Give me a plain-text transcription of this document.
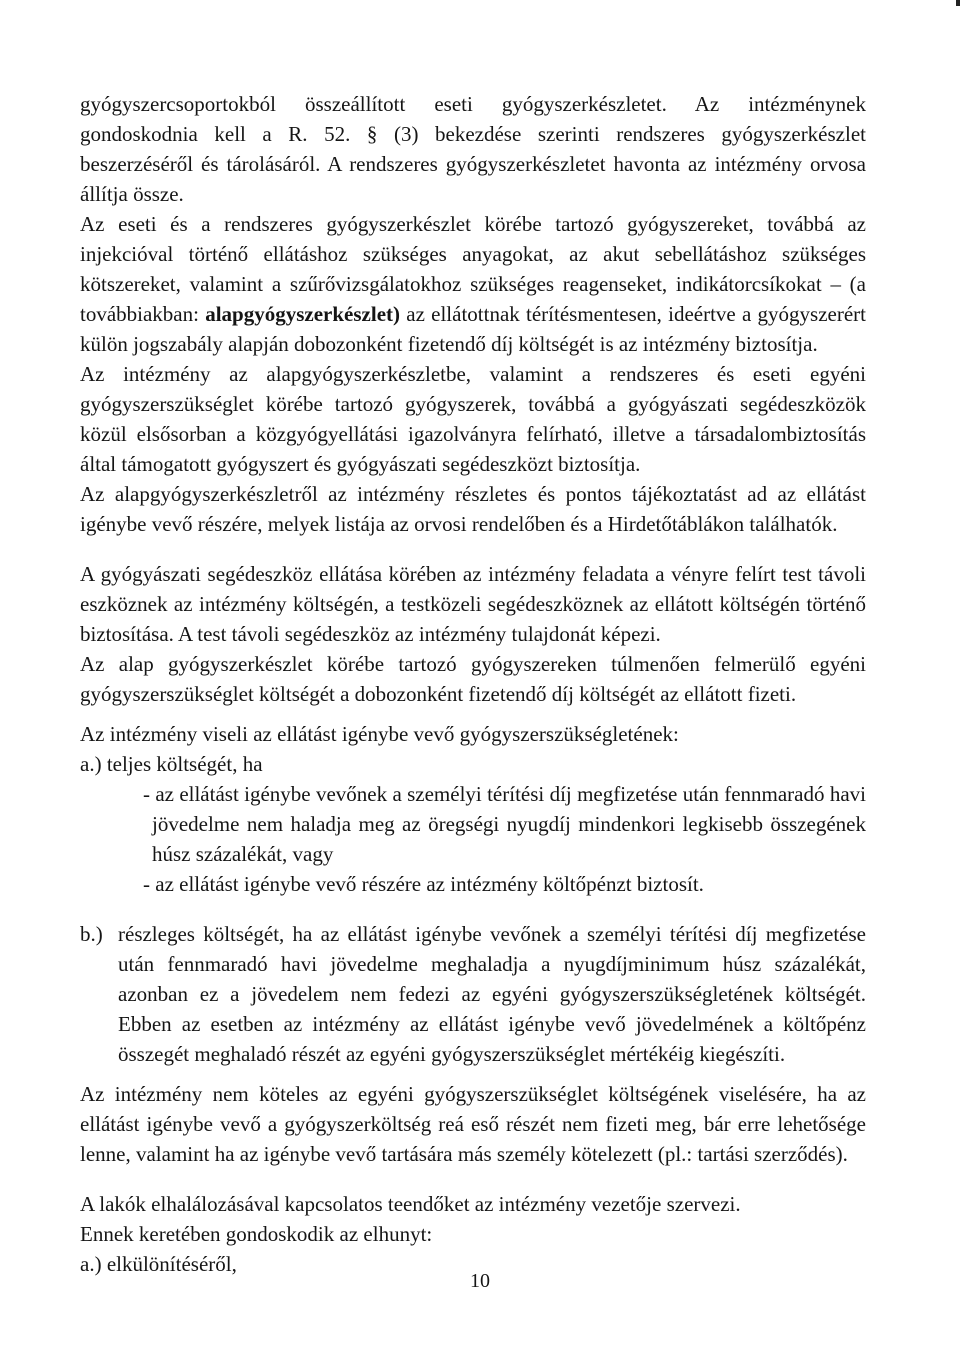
gyógyszercsoportokból összeállított eseti gyógyszerkészletet. Az intézménynek gondoskodnia kell a R. 52. § (3) bekezdése szerinti rendszeres gyógyszerkészlet beszerzéséről és tárolásáról. A rendszeres gyógyszerkészletet havonta az intézmény orvosa állítja össze.

Az eseti és a rendszeres gyógyszerkészlet körébe tartozó gyógyszereket, továbbá az injekcióval történő ellátáshoz szükséges anyagokat, az akut sebellátáshoz szükséges kötszereket, valamint a szűrővizsgálatokhoz szükséges reagenseket, indikátorcsíkokat – (a továbbiakban: alapgyógyszerkészlet) az ellátottnak térítésmentesen, ideértve a gyógyszerért külön jogszabály alapján dobozonként fizetendő díj költségét is az intézmény biztosítja.

Az intézmény az alapgyógyszerkészletbe, valamint a rendszeres és eseti egyéni gyógyszerszükséglet körébe tartozó gyógyszerek, továbbá a gyógyászati segédeszközök közül elsősorban a közgyógyellátási igazolványra felírható, illetve a társadalombiztosítás által támogatott gyógyszert és gyógyászati segédeszközt biztosítja.

Az alapgyógyszerkészletről az intézmény részletes és pontos tájékoztatást ad az ellátást igénybe vevő részére, melyek listája az orvosi rendelőben és a Hirdetőtáblákon találhatók.

A gyógyászati segédeszköz ellátása körében az intézmény feladata a vényre felírt test távoli eszköznek az intézmény költségén, a testközeli segédeszköznek az ellátott költségén történő biztosítása. A test távoli segédeszköz az intézmény tulajdonát képezi.

Az alap gyógyszerkészlet körébe tartozó gyógyszereken túlmenően felmerülő egyéni gyógyszerszükséglet költségét a dobozonként fizetendő díj költségét az ellátott fizeti.

Az intézmény viseli az ellátást igénybe vevő gyógyszerszükségletének:

a.) teljes költségét, ha

- az ellátást igénybe vevőnek a személyi térítési díj megfizetése után fennmaradó havi jövedelme nem haladja meg az öregségi nyugdíj mindenkori legkisebb összegének húsz százalékát, vagy

- az ellátást igénybe vevő részére az intézmény költőpénzt biztosít.

b.) részleges költségét, ha az ellátást igénybe vevőnek a személyi térítési díj megfizetése után fennmaradó havi jövedelme meghaladja a nyugdíjminimum húsz százalékát, azonban ez a jövedelem nem fedezi az egyéni gyógyszerszükségletének költségét. Ebben az esetben az intézmény az ellátást igénybe vevő jövedelmének a költőpénz összegét meghaladó részét az egyéni gyógyszerszükséglet mértékéig kiegészíti.

Az intézmény nem köteles az egyéni gyógyszerszükséglet költségének viselésére, ha az ellátást igénybe vevő a gyógyszerköltség reá eső részét nem fizeti meg, bár erre lehetősége lenne, valamint ha az igénybe vevő tartására más személy kötelezett (pl.: tartási szerződés).

A lakók elhalálozásával kapcsolatos teendőket az intézmény vezetője szervezi.

Ennek keretében gondoskodik az elhunyt:

a.) elkülönítéséről,

10
